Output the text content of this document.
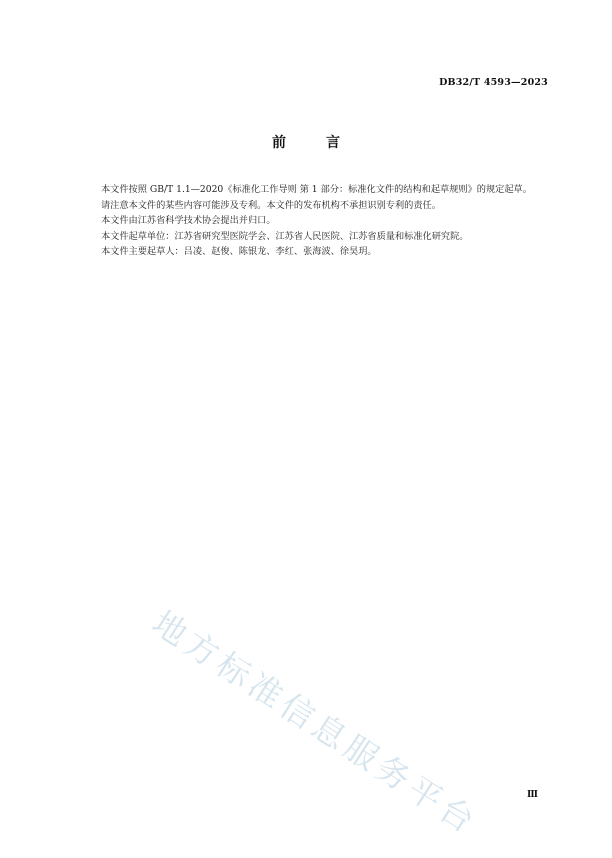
DB32/T 4593—2023
前言

本文件按照 GB/T 1.1—2020《标准化工作导则 第 1 部分：标准化文件的结构和起草规则》的规定起草。

请注意本文件的某些内容可能涉及专利。本文件的发布机构不承担识别专利的责任。

本文件由江苏省科学技术协会提出并归口。

本文件起草单位：江苏省研究型医院学会、江苏省人民医院、江苏省质量和标准化研究院。

本文件主要起草人：吕凌、赵俊、陈银龙、李红、张海波、徐昊玥。

地方标准信息服务平台	Ⅲ
